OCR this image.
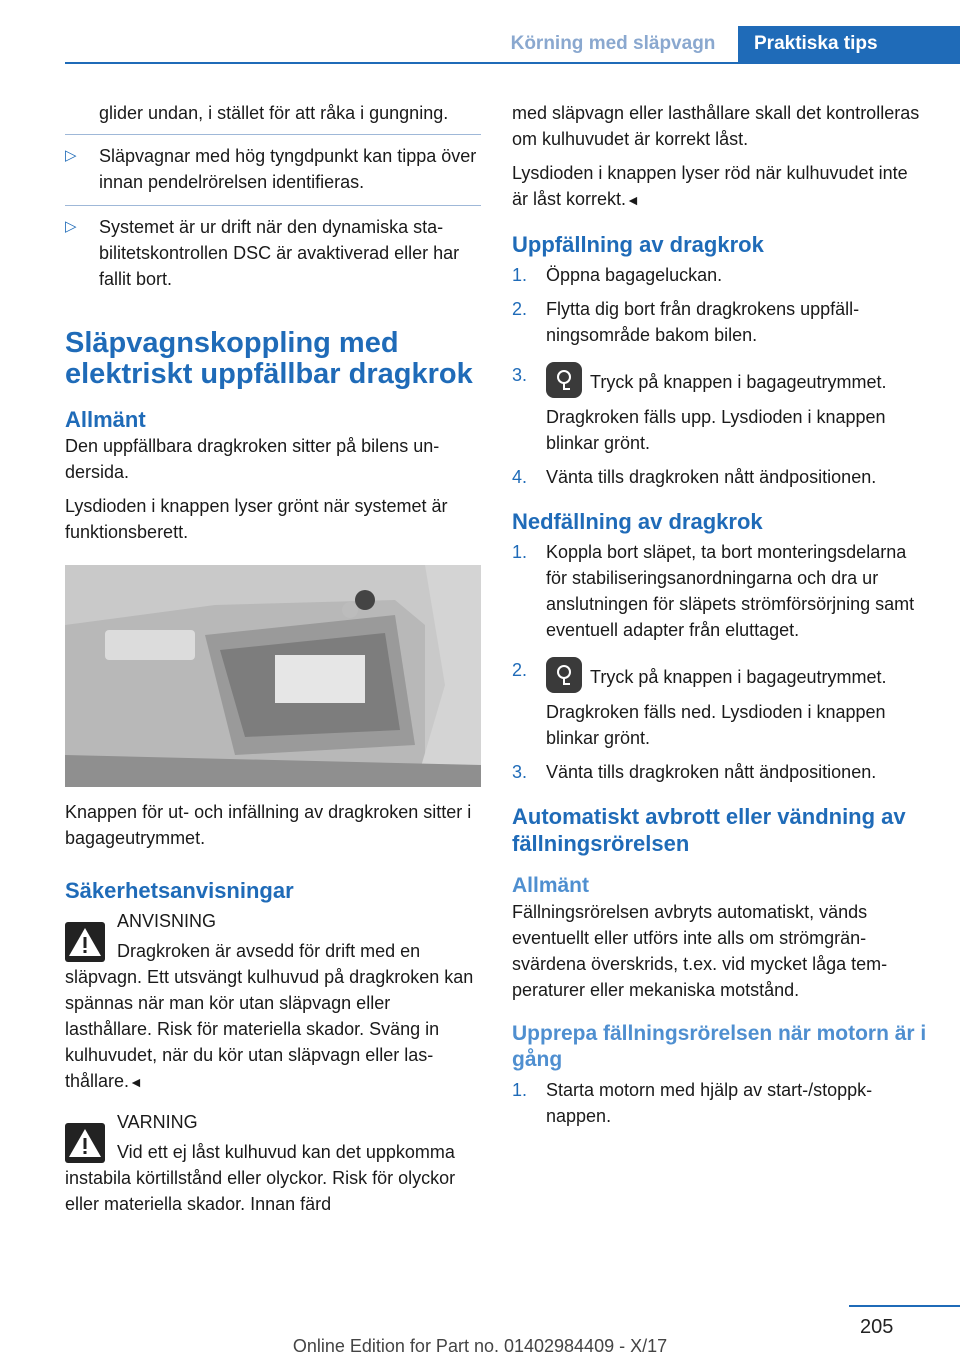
Körning med släpvagn	Praktiska tips

glider undan, i stället för att råka i gungning.

▷ Släpvagnar med hög tyngdpunkt kan tippa över innan pendelrörelsen identifieras.
▷ Systemet är ur drift när den dynamiska stabilitetskontrollen DSC är avaktiverad eller har fallit bort.
Släpvagnskoppling med elektriskt uppfällbar dragkrok
Allmänt

Den uppfällbara dragkroken sitter på bilens undersida.

Lysdioden i knappen lyser grönt när systemet är funktionsberett.

Knappen för ut- och infällning av dragkroken sitter i bagageutrymmet.

Säkerhetsanvisningar

ANVISNING

Dragkroken är avsedd för drift med en släpvagn. Ett utsvängt kulhuvud på dragkroken kan spännas när man kör utan släpvagn eller lasthållare. Risk för materiella skador. Sväng in kulhuvudet, när du kör utan släpvagn eller lasthållare.◄

VARNING

Vid ett ej låst kulhuvud kan det uppkomma instabila körtillstånd eller olyckor. Risk för olyckor eller materiella skador. Innan färd

med släpvagn eller lasthållare skall det kontrolleras om kulhuvudet är korrekt låst.

Lysdioden i knappen lyser röd när kulhuvudet inte är låst korrekt.◄

Uppfällning av dragkrok
1. Öppna bagageluckan.
2. Flytta dig bort från dragkrokens uppfällningsområde bakom bilen.
3.	Tryck på knappen i bagageutrymmet.
Dragkroken fälls upp. Lysdioden i knappen blinkar grönt.
4. Vänta tills dragkroken nått ändpositionen.
Nedfällning av dragkrok
1. Koppla bort släpet, ta bort monteringsdelarna för stabiliseringsanordningarna och dra ur anslutningen för släpets strömförsörjning samt eventuell adapter från eluttaget.
2.	Tryck på knappen i bagageutrymmet.
Dragkroken fälls ned. Lysdioden i knappen blinkar grönt.
3. Vänta tills dragkroken nått ändpositionen.
Automatiskt avbrott eller vändning av fällningsrörelsen
Allmänt

Fällningsrörelsen avbryts automatiskt, vänds eventuellt eller utförs inte alls om strömgränsvärdena överskrids, t.ex. vid mycket låga temperaturer eller mekaniska motstånd.

Upprepa fällningsrörelsen när motorn är i gång
1. Starta motorn med hjälp av start-/stoppknappen.
205
Online Edition for Part no. 01402984409 - X/17
